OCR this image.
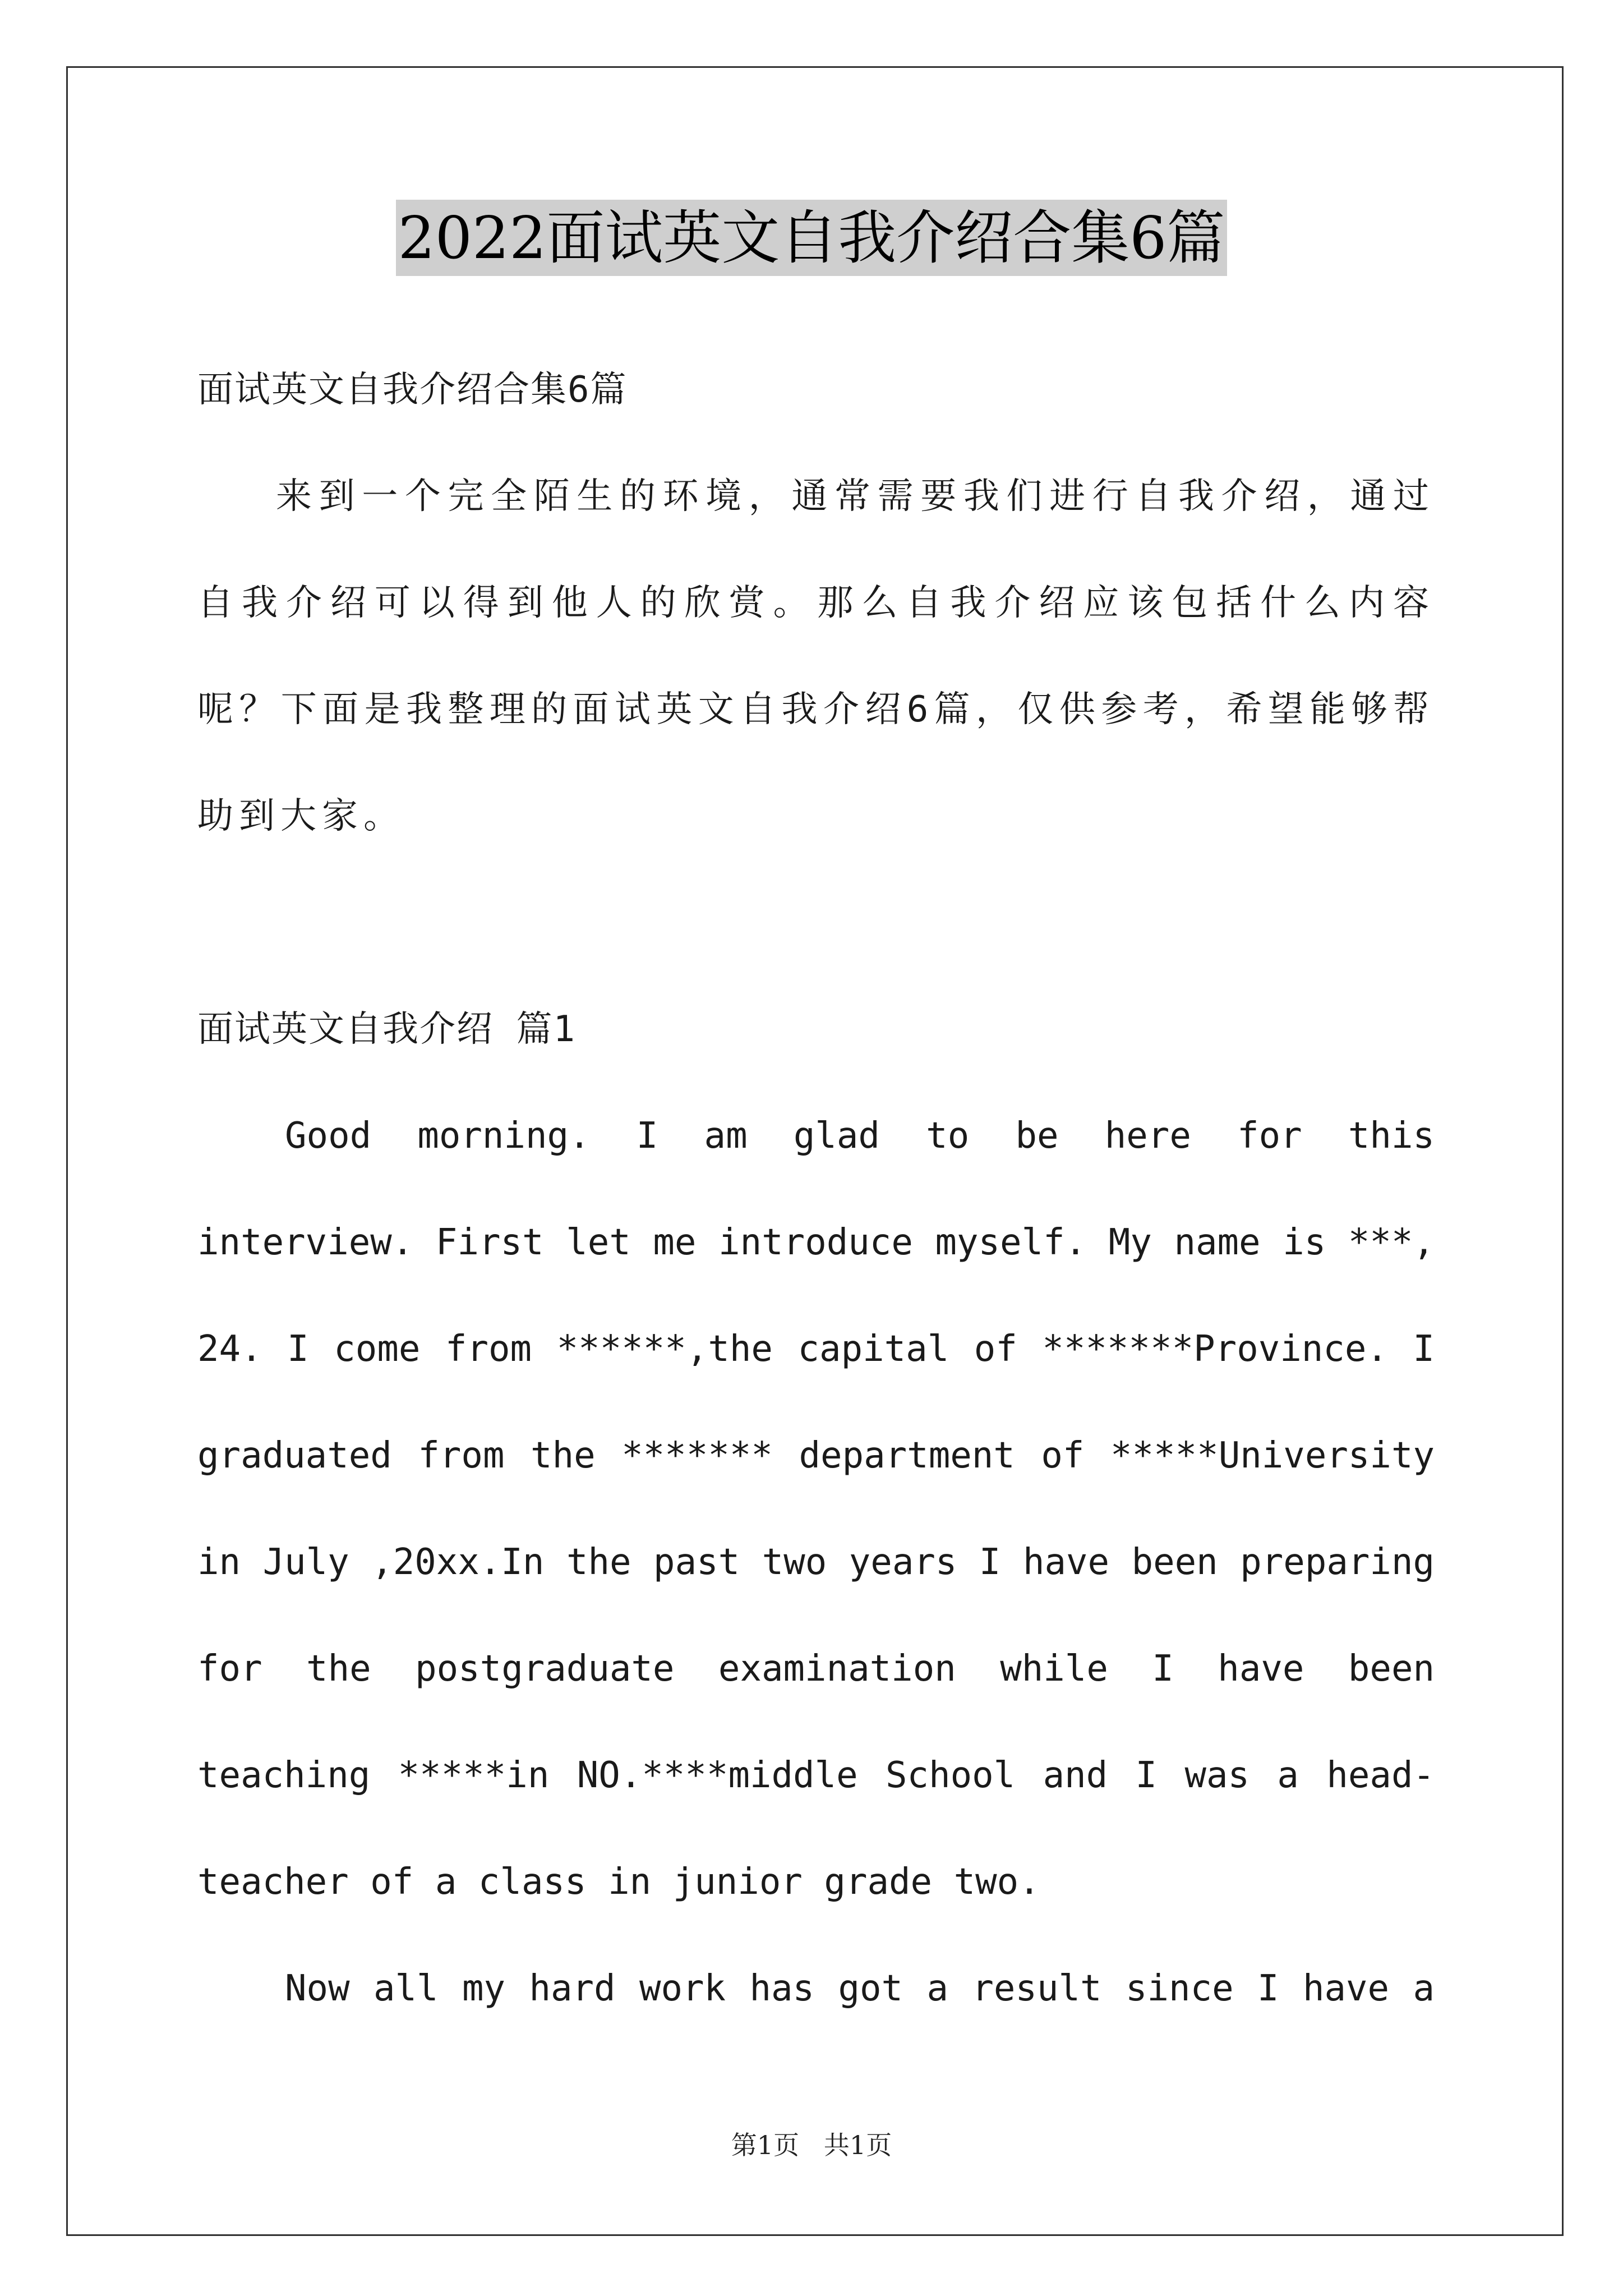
2022面试英文自我介绍合集6篇

面试英文自我介绍合集6篇

来到一个完全陌生的环境，通常需要我们进行自我介绍，通过自我介绍可以得到他人的欣赏。那么自我介绍应该包括什么内容呢？下面是我整理的面试英文自我介绍6篇，仅供参考，希望能够帮助到大家。

面试英文自我介绍 篇1

Good morning. I am glad to be here for this interview. First let me introduce myself. My name is ***, 24. I come from ******,the capital of *******Province. I graduated from the ******* department of *****University in July ,20xx.In the past two years I have been preparing for the postgraduate examination while I have been teaching *****in NO.****middle School and I was a head-teacher of a class in junior grade two.

Now all my hard work has got a result since I have a

第1页   共1页
